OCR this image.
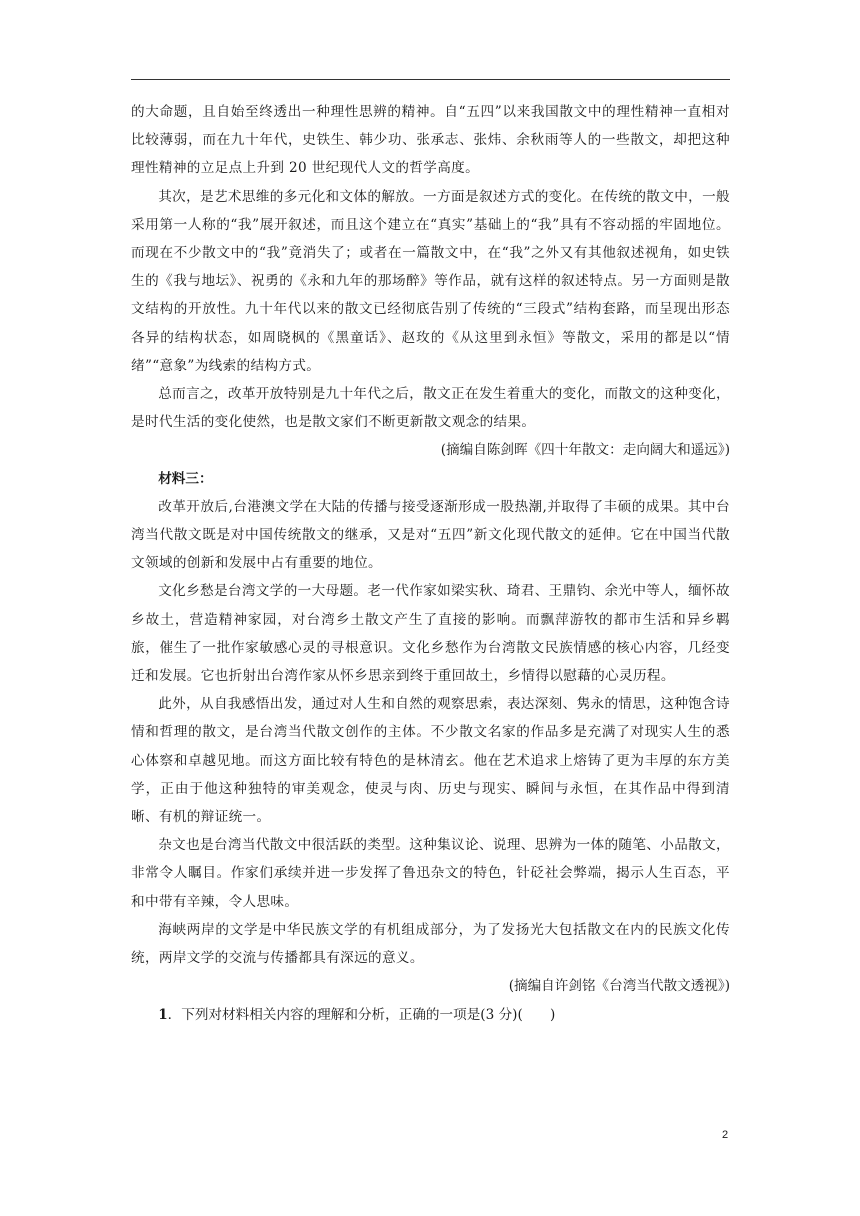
的大命题，且自始至终透出一种理性思辨的精神。自“五四”以来我国散文中的理性精神一直相对比较薄弱，而在九十年代，史铁生、韩少功、张承志、张炜、余秋雨等人的一些散文，却把这种理性精神的立足点上升到 20 世纪现代人文的哲学高度。

其次，是艺术思维的多元化和文体的解放。一方面是叙述方式的变化。在传统的散文中，一般采用第一人称的“我”展开叙述，而且这个建立在“真实”基础上的“我”具有不容动摇的牢固地位。而现在不少散文中的“我”竟消失了；或者在一篇散文中，在“我”之外又有其他叙述视角，如史铁生的《我与地坛》、祝勇的《永和九年的那场醉》等作品，就有这样的叙述特点。另一方面则是散文结构的开放性。九十年代以来的散文已经彻底告别了传统的“三段式”结构套路，而呈现出形态各异的结构状态，如周晓枫的《黑童话》、赵玫的《从这里到永恒》等散文，采用的都是以“情绪”“意象”为线索的结构方式。

总而言之，改革开放特别是九十年代之后，散文正在发生着重大的变化，而散文的这种变化，是时代生活的变化使然，也是散文家们不断更新散文观念的结果。

(摘编自陈剑晖《四十年散文：走向阔大和遥远》)

材料三：

改革开放后,台港澳文学在大陆的传播与接受逐渐形成一股热潮,并取得了丰硕的成果。其中台湾当代散文既是对中国传统散文的继承，又是对“五四”新文化现代散文的延伸。它在中国当代散文领域的创新和发展中占有重要的地位。

文化乡愁是台湾文学的一大母题。老一代作家如梁实秋、琦君、王鼎钧、余光中等人，缅怀故乡故土，营造精神家园，对台湾乡土散文产生了直接的影响。而飘萍游牧的都市生活和异乡羁旅，催生了一批作家敏感心灵的寻根意识。文化乡愁作为台湾散文民族情感的核心内容，几经变迁和发展。它也折射出台湾作家从怀乡思亲到终于重回故土，乡情得以慰藉的心灵历程。

此外，从自我感悟出发，通过对人生和自然的观察思索，表达深刻、隽永的情思，这种饱含诗情和哲理的散文，是台湾当代散文创作的主体。不少散文名家的作品多是充满了对现实人生的悉心体察和卓越见地。而这方面比较有特色的是林清玄。他在艺术追求上熔铸了更为丰厚的东方美学，正由于他这种独特的审美观念，使灵与肉、历史与现实、瞬间与永恒，在其作品中得到清晰、有机的辩证统一。

杂文也是台湾当代散文中很活跃的类型。这种集议论、说理、思辨为一体的随笔、小品散文，非常令人瞩目。作家们承续并进一步发挥了鲁迅杂文的特色，针砭社会弊端，揭示人生百态，平和中带有辛辣，令人思味。

海峡两岸的文学是中华民族文学的有机组成部分，为了发扬光大包括散文在内的民族文化传统，两岸文学的交流与传播都具有深远的意义。

(摘编自许剑铭《台湾当代散文透视》)

1．下列对材料相关内容的理解和分析，正确的一项是(3 分)(　　)

2
